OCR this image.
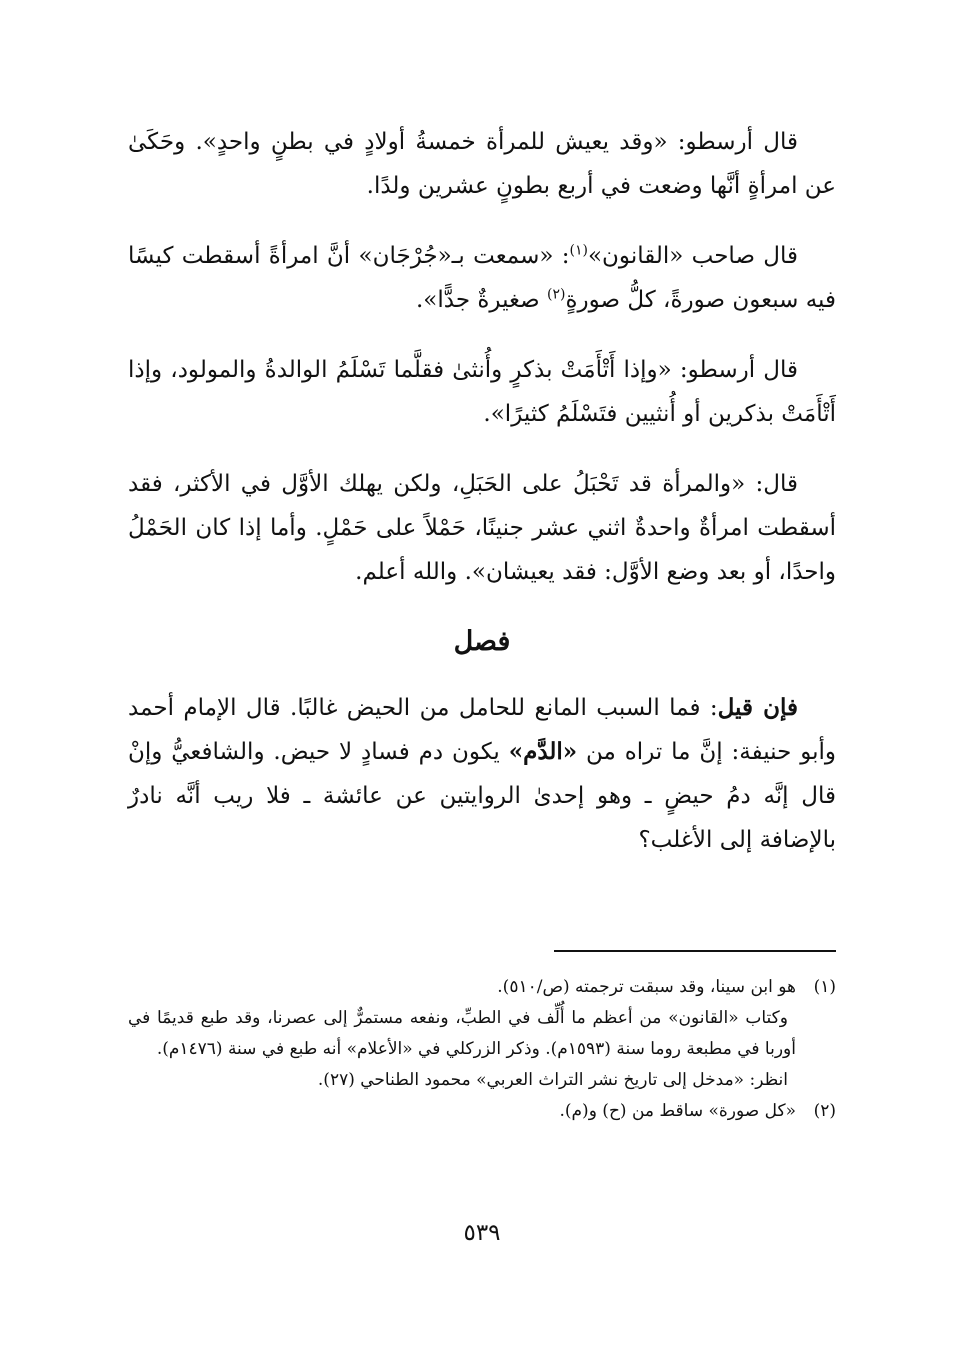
قال أرسطو: «وقد يعيش للمرأة خمسةُ أولادٍ في بطنٍ واحدٍ». وحَكَىٰ عن امرأةٍ أنَّها وضعت في أربع بطونٍ عشرين ولدًا.

قال صاحب «القانون»$^{(١)}$: «سمعت بـ«جُرْجَان» أنَّ امرأةً أسقطت كيسًا فيه سبعون صورةً، كلُّ صورةٍ$^{(٢)}$ صغيرةٌ جدًّا».

قال أرسطو: «وإذا أَتْأَمَتْ بذكرٍ وأُنثىٰ فقلَّما تَسْلَمُ الوالدةُ والمولود، وإذا أَتْأَمَتْ بذكرين أو أُنثيين فتَسْلَمُ كثيرًا».

قال: «والمرأة قد تَحْبَلُ على الحَبَلِ، ولكن يهلك الأوَّل في الأكثر، فقد أسقطت امرأةٌ واحدةٌ اثني عشر جنينًا، حَمْلاً على حَمْلٍ. وأما إذا كان الحَمْلُ واحدًا، أو بعد وضع الأوَّل: فقد يعيشان». والله أعلم.

فصل

فإن قيل: فما السبب المانع للحامل من الحيض غالبًا. قال الإمام أحمد وأبو حنيفة: إنَّ ما تراه من «الدَّم» يكون دم فسادٍ لا حيض. والشافعيُّ وإنْ قال إنَّه دمُ حيضٍ ـ وهو إحدىٰ الروايتين عن عائشة ـ فلا ريب أنَّه نادرٌ بالإضافة إلى الأغلب؟

(١)هو ابن سينا، وقد سبقت ترجمته (ص/٥١٠).

وكتاب «القانون» من أعظم ما أُلِّف في الطبِّ، ونفعه مستمرٌّ إلى عصرنا، وقد طبع قديمًا في أوربا في مطبعة روما سنة (١٥٩٣م). وذكر الزركلي في «الأعلام» أنه طبع في سنة (١٤٧٦م).

انظر: «مدخل إلى تاريخ نشر التراث العربي» محمود الطناحي (٢٧).

(٢)«كل صورة» ساقط من (ح) و(م).

٥٣٩
